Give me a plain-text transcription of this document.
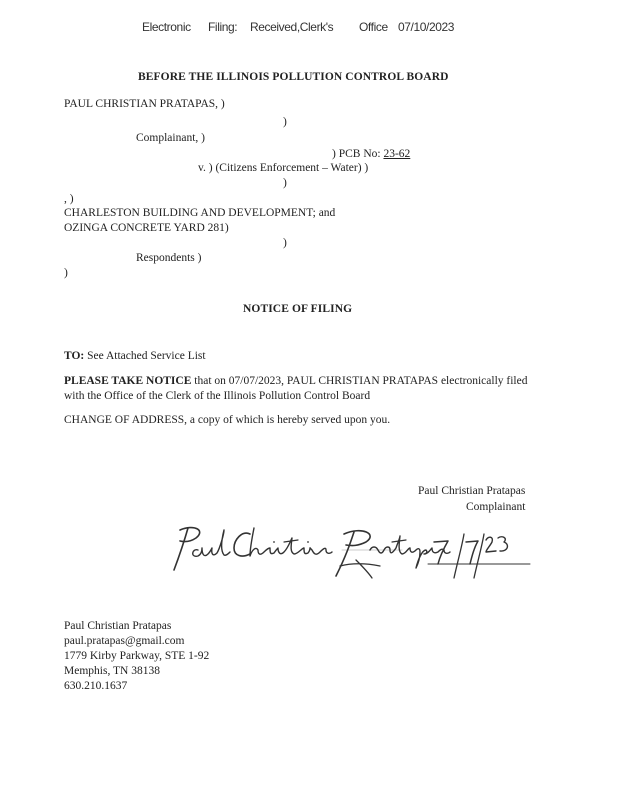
Electronic Filing: Received,Clerk's Office 07/10/2023
BEFORE THE ILLINOIS POLLUTION CONTROL BOARD
PAUL CHRISTIAN PRATAPAS, )
)
Complainant, )
) PCB No: 23-62
v. ) (Citizens Enforcement – Water) )
)
, )
CHARLESTON BUILDING AND DEVELOPMENT; and
OZINGA CONCRETE YARD 281)
)
Respondents )
)
NOTICE OF FILING
TO: See Attached Service List
PLEASE TAKE NOTICE that on 07/07/2023, PAUL CHRISTIAN PRATAPAS electronically filed with the Office of the Clerk of the Illinois Pollution Control Board
CHANGE OF ADDRESS, a copy of which is hereby served upon you.
Paul Christian Pratapas
Complainant
Paul Christian Pratapas
paul.pratapas@gmail.com
1779 Kirby Parkway, STE 1-92
Memphis, TN 38138
630.210.1637
